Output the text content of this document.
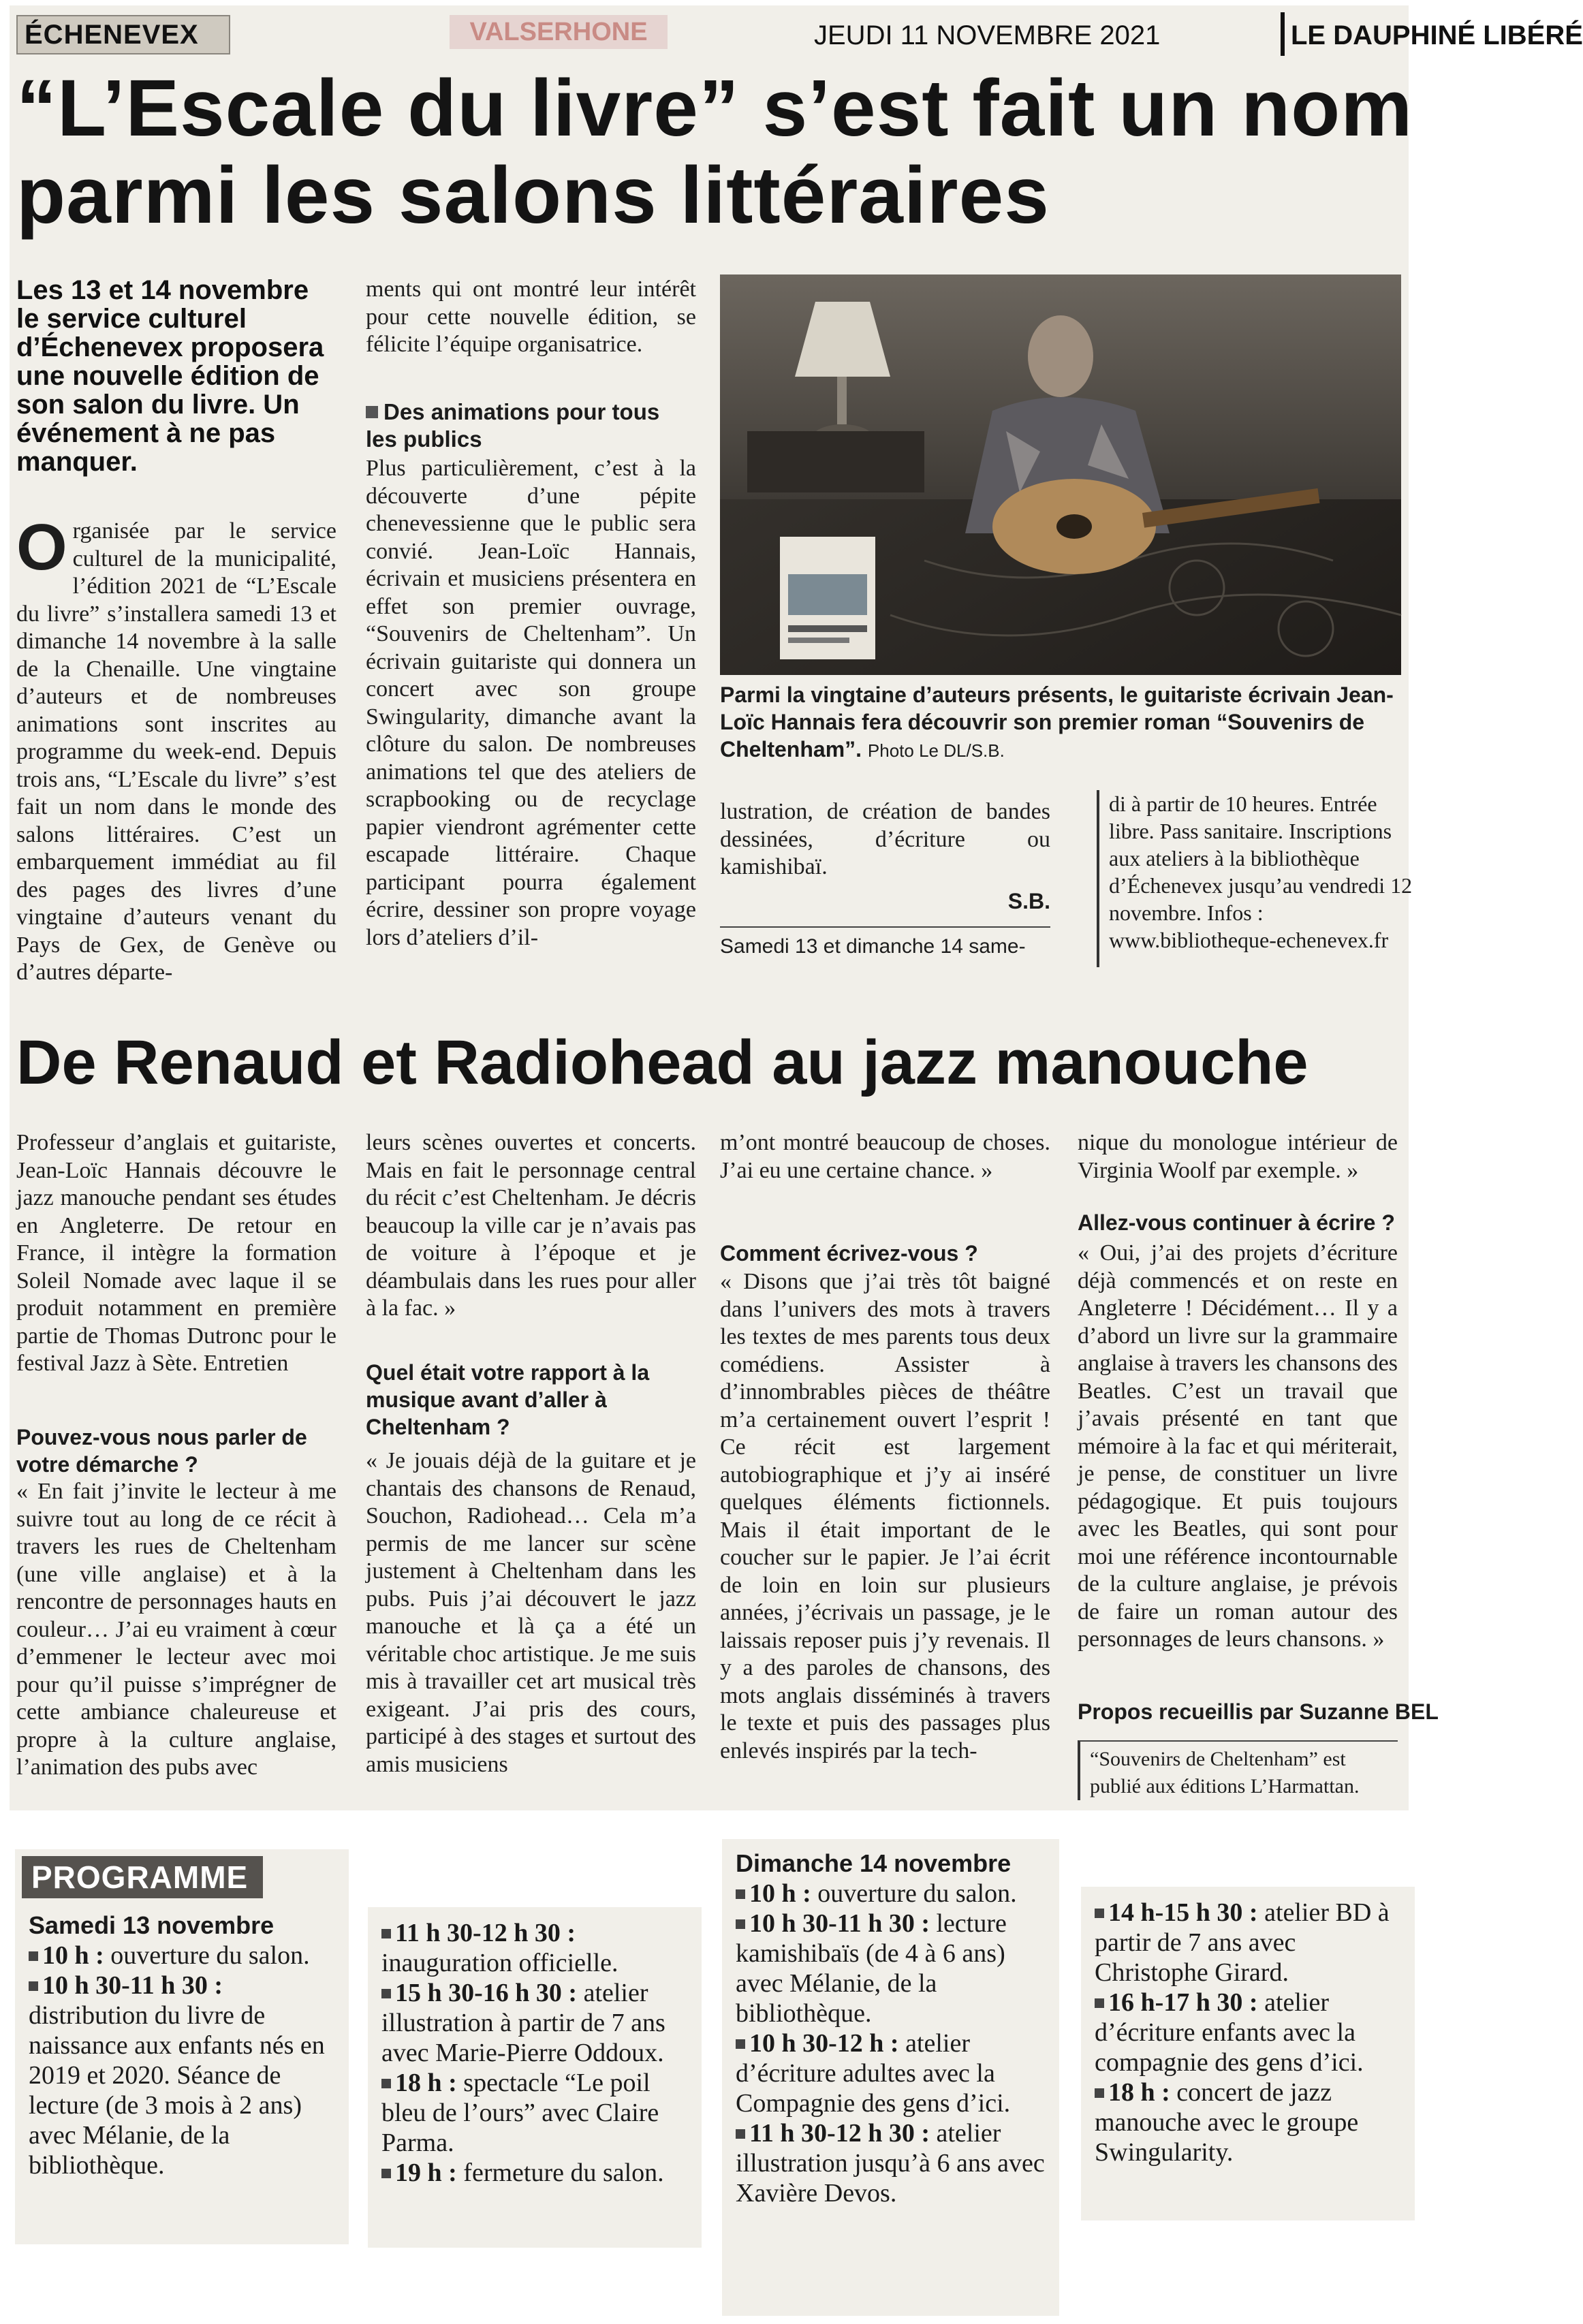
ÉCHENEVEX	VALSERHONE	JEUDI 11 NOVEMBRE 2021	LE DAUPHINÉ LIBÉRÉ
“L’Escale du livre” s’est fait un nom parmi les salons littéraires
Les 13 et 14 novembre le service culturel d’Échenevex proposera une nouvelle édition de son salon du livre. Un événement à ne pas manquer.
Organisée par le service culturel de la municipalité, l’édition 2021 de “L’Escale du livre” s’installera samedi 13 et dimanche 14 novembre à la salle de la Chenaille. Une vingtaine d’auteurs et de nombreuses animations sont inscrites au programme du week-end. Depuis trois ans, “L’Escale du livre” s’est fait un nom dans le monde des salons littéraires. C’est un embarquement immédiat au fil des pages des livres d’une vingtaine d’auteurs venant du Pays de Gex, de Genève ou d’autres départe-
ments qui ont montré leur intérêt pour cette nouvelle édition, se félicite l’équipe organisatrice.
Des animations pour tous les publics
Plus particulièrement, c’est à la découverte d’une pépite chenevessienne que le public sera convié. Jean-Loïc Hannais, écrivain et musiciens présentera en effet son premier ouvrage, “Souvenirs de Cheltenham”. Un écrivain guitariste qui donnera un concert avec son groupe Swingularity, dimanche avant la clôture du salon. De nombreuses animations tel que des ateliers de scrapbooking ou de recyclage papier viendront agrémenter cette escapade littéraire. Chaque participant pourra également écrire, dessiner son propre voyage lors d’ateliers d’il-
Parmi la vingtaine d’auteurs présents, le guitariste écrivain Jean-Loïc Hannais fera découvrir son premier roman “Souvenirs de Cheltenham”. Photo Le DL/S.B.
lustration, de création de bandes dessinées, d’écriture ou kamishibaï.
S.B.
Samedi 13 et dimanche 14 same-
di à partir de 10 heures. Entrée libre. Pass sanitaire. Inscriptions aux ateliers à la bibliothèque d’Échenevex jusqu’au vendredi 12 novembre. Infos : www.bibliotheque-echenevex.fr
De Renaud et Radiohead au jazz manouche
Professeur d’anglais et guitariste, Jean-Loïc Hannais découvre le jazz manouche pendant ses études en Angleterre. De retour en France, il intègre la formation Soleil Nomade avec laque il se produit notamment en première partie de Thomas Dutronc pour le festival Jazz à Sète. Entretien
Pouvez-vous nous parler de votre démarche ?
« En fait j’invite le lecteur à me suivre tout au long de ce récit à travers les rues de Cheltenham (une ville anglaise) et à la rencontre de personnages hauts en couleur… J’ai eu vraiment à cœur d’emmener le lecteur avec moi pour qu’il puisse s’imprégner de cette ambiance chaleureuse et propre à la culture anglaise, l’animation des pubs avec
leurs scènes ouvertes et concerts. Mais en fait le personnage central du récit c’est Cheltenham. Je décris beaucoup la ville car je n’avais pas de voiture à l’époque et je déambulais dans les rues pour aller à la fac. »
Quel était votre rapport à la musique avant d’aller à Cheltenham ?
« Je jouais déjà de la guitare et je chantais des chansons de Renaud, Souchon, Radiohead… Cela m’a permis de me lancer sur scène justement à Cheltenham dans les pubs. Puis j’ai découvert le jazz manouche et là ça a été un véritable choc artistique. Je me suis mis à travailler cet art musical très exigeant. J’ai pris des cours, participé à des stages et surtout des amis musiciens
m’ont montré beaucoup de choses. J’ai eu une certaine chance. »
Comment écrivez-vous ?
« Disons que j’ai très tôt baigné dans l’univers des mots à travers les textes de mes parents tous deux comédiens. Assister à d’innombrables pièces de théâtre m’a certainement ouvert l’esprit ! Ce récit est largement autobiographique et j’y ai inséré quelques éléments fictionnels. Mais il était important de le coucher sur le papier. Je l’ai écrit de loin en loin sur plusieurs années, j’écrivais un passage, je le laissais reposer puis j’y revenais. Il y a des paroles de chansons, des mots anglais disséminés à travers le texte et puis des passages plus enlevés inspirés par la tech-
nique du monologue intérieur de Virginia Woolf par exemple. »
Allez-vous continuer à écrire ?
« Oui, j’ai des projets d’écriture déjà commencés et on reste en Angleterre ! Décidément… Il y a d’abord un livre sur la grammaire anglaise à travers les chansons des Beatles. C’est un travail que j’avais présenté en tant que mémoire à la fac et qui mériterait, je pense, de constituer un livre pédagogique. Et puis toujours avec les Beatles, qui sont pour moi une référence incontournable de la culture anglaise, je prévois de faire un roman autour des personnages de leurs chansons. »
Propos recueillis par Suzanne BEL
“Souvenirs de Cheltenham” est publié aux éditions L’Harmattan.
PROGRAMME
Samedi 13 novembre

10 h : ouverture du salon.

10 h 30-11 h 30 : distribution du livre de naissance aux enfants nés en 2019 et 2020. Séance de lecture (de 3 mois à 2 ans) avec Mélanie, de la bibliothèque.

11 h 30-12 h 30 : inauguration officielle.

15 h 30-16 h 30 : atelier illustration à partir de 7 ans avec Marie-Pierre Oddoux.

18 h : spectacle “Le poil bleu de l’ours” avec Claire Parma.

19 h : fermeture du salon.

Dimanche 14 novembre

10 h : ouverture du salon.

10 h 30-11 h 30 : lecture kamishibaïs (de 4 à 6 ans) avec Mélanie, de la bibliothèque.

10 h 30-12 h : atelier d’écriture adultes avec la Compagnie des gens d’ici.

11 h 30-12 h 30 : atelier illustration jusqu’à 6 ans avec Xavière Devos.

14 h-15 h 30 : atelier BD à partir de 7 ans avec Christophe Girard.

16 h-17 h 30 : atelier d’écriture enfants avec la compagnie des gens d’ici.

18 h : concert de jazz manouche avec le groupe Swingularity.
